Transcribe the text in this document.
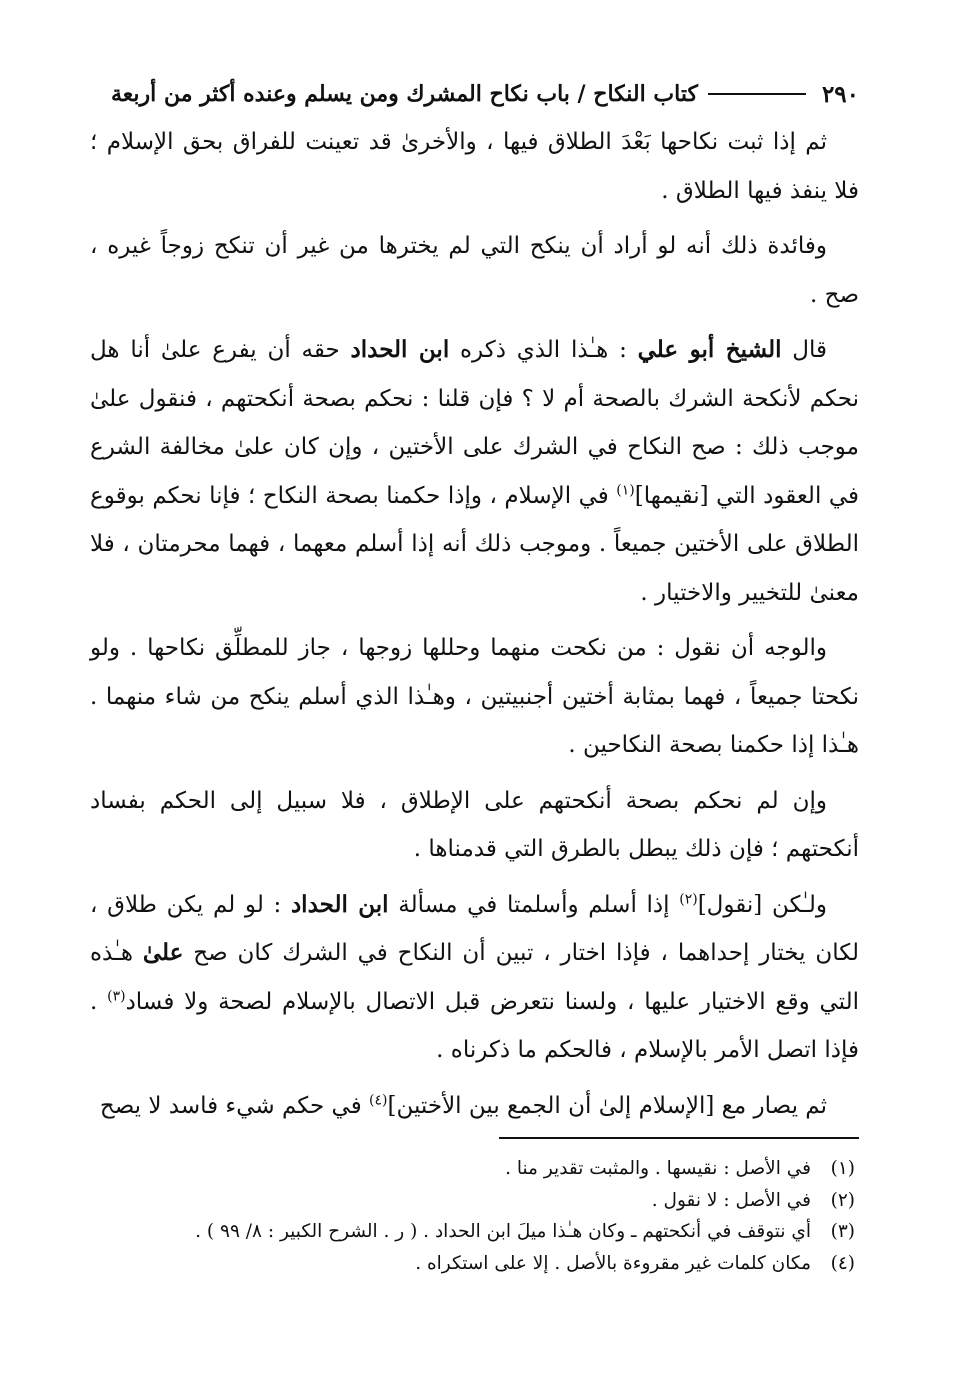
٢٩٠
كتاب النكاح / باب نكاح المشرك ومن يسلم وعنده أكثر من أربعة

ثم إذا ثبت نكاحها بَعْدَ الطلاق فيها ، والأخرىٰ قد تعينت للفراق بحق الإسلام ؛ فلا ينفذ فيها الطلاق .

وفائدة ذلك أنه لو أراد أن ينكح التي لم يخترها من غير أن تنكح زوجاً غيره ، صح .

قال الشيخ أبو علي : هـٰذا الذي ذكره ابن الحداد حقه أن يفرع علىٰ أنا هل نحكم لأنكحة الشرك بالصحة أم لا ؟ فإن قلنا : نحكم بصحة أنكحتهم ، فنقول علىٰ موجب ذلك : صح النكاح في الشرك على الأختين ، وإن كان علىٰ مخالفة الشرع في العقود التي [نقيمها]$^{(١)}$ في الإسلام ، وإذا حكمنا بصحة النكاح ؛ فإنا نحكم بوقوع الطلاق على الأختين جميعاً . وموجب ذلك أنه إذا أسلم معهما ، فهما محرمتان ، فلا معنىٰ للتخيير والاختيار .

والوجه أن نقول : من نكحت منهما وحللها زوجها ، جاز للمطلِّق نكاحها . ولو نكحتا جميعاً ، فهما بمثابة أختين أجنبيتين ، وهـٰذا الذي أسلم ينكح من شاء منهما . هـٰذا إذا حكمنا بصحة النكاحين .

وإن لم نحكم بصحة أنكحتهم على الإطلاق ، فلا سبيل إلى الحكم بفساد أنكحتهم ؛ فإن ذلك يبطل بالطرق التي قدمناها .

ولـٰكن [نقول]$^{(٢)}$ إذا أسلم وأسلمتا في مسألة ابن الحداد : لو لم يكن طلاق ، لكان يختار إحداهما ، فإذا اختار ، تبين أن النكاح في الشرك كان صح علىٰ هـٰذه التي وقع الاختيار عليها ، ولسنا نتعرض قبل الاتصال بالإسلام لصحة ولا فساد$^{(٣)}$ . فإذا اتصل الأمر بالإسلام ، فالحكم ما ذكرناه .

ثم يصار مع [الإسلام إلىٰ أن الجمع بين الأختين]$^{(٤)}$ في حكم شيء فاسد لا يصح

(١)
في الأصل : نقيسها . والمثبت تقدير منا .
(٢)
في الأصل : لا نقول .
(٣)
أي نتوقف في أنكحتهم ـ وكان هـٰذا ميلَ ابن الحداد . ( ر . الشرح الكبير : ٨/ ٩٩ ) .
(٤)
مكان كلمات غير مقروءة بالأصل . إلا على استكراه .
